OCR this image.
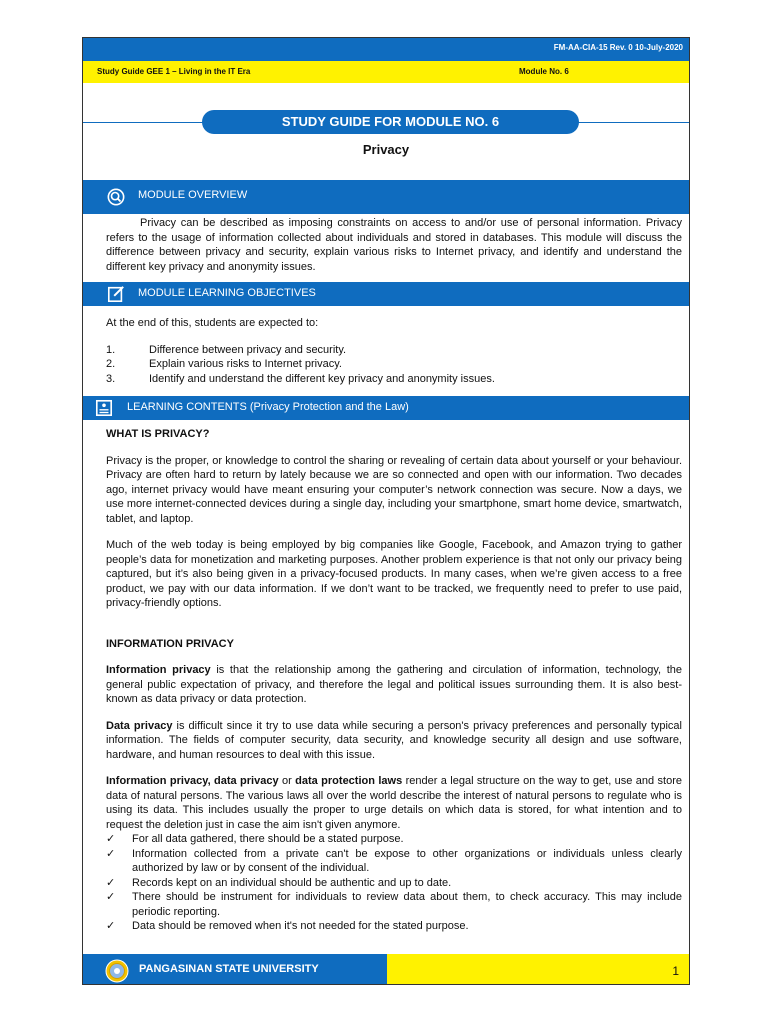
FM-AA-CIA-15 Rev. 0 10-July-2020
Study Guide GEE 1 – Living in the IT Era	Module No. 6
STUDY GUIDE FOR MODULE NO. 6
Privacy
MODULE OVERVIEW

Privacy can be described as imposing constraints on access to and/or use of personal information. Privacy refers to the usage of information collected about individuals and stored in databases. This module will discuss the difference between privacy and security, explain various risks to Internet privacy, and identify and understand the different key privacy and anonymity issues.

MODULE LEARNING OBJECTIVES

At the end of this, students are expected to:

1.	Difference between privacy and security.
2.	Explain various risks to Internet privacy.
3.	Identify and understand the different key privacy and anonymity issues.
LEARNING CONTENTS (Privacy Protection and the Law)

WHAT IS PRIVACY?

Privacy is the proper, or knowledge to control the sharing or revealing of certain data about yourself or your behaviour. Privacy are often hard to return by lately because we are so connected and open with our information. Two decades ago, internet privacy would have meant ensuring your computer’s network connection was secure. Now a days, we use more internet-connected devices during a single day, including your smartphone, smart home device, smartwatch, tablet, and laptop.

Much of the web today is being employed by big companies like Google, Facebook, and Amazon trying to gather people’s data for monetization and marketing purposes. Another problem experience is that not only our privacy being captured, but it’s also being given in a privacy-focused products. In many cases, when we’re given access to a free product, we pay with our data information. If we don’t want to be tracked, we frequently need to prefer to use paid, privacy-friendly options.

INFORMATION PRIVACY

Information privacy is that the relationship among the gathering and circulation of information, technology, the general public expectation of privacy, and therefore the legal and political issues surrounding them. It is also best-known as data privacy or data protection.

Data privacy is difficult since it try to use data while securing a person's privacy preferences and personally typical information. The fields of computer security, data security, and knowledge security all design and use software, hardware, and human resources to deal with this issue.

Information privacy, data privacy or data protection laws render a legal structure on the way to get, use and store data of natural persons. The various laws all over the world describe the interest of natural persons to regulate who is using its data. This includes usually the proper to urge details on which data is stored, for what intention and to request the deletion just in case the aim isn't given anymore.

✓ For all data gathered, there should be a stated purpose.
✓ Information collected from a private can't be expose to other organizations or individuals unless clearly authorized by law or by consent of the individual.
✓ Records kept on an individual should be authentic and up to date.
✓ There should be instrument for individuals to review data about them, to check accuracy. This may include periodic reporting.
✓ Data should be removed when it's not needed for the stated purpose.
PANGASINAN STATE UNIVERSITY	1
